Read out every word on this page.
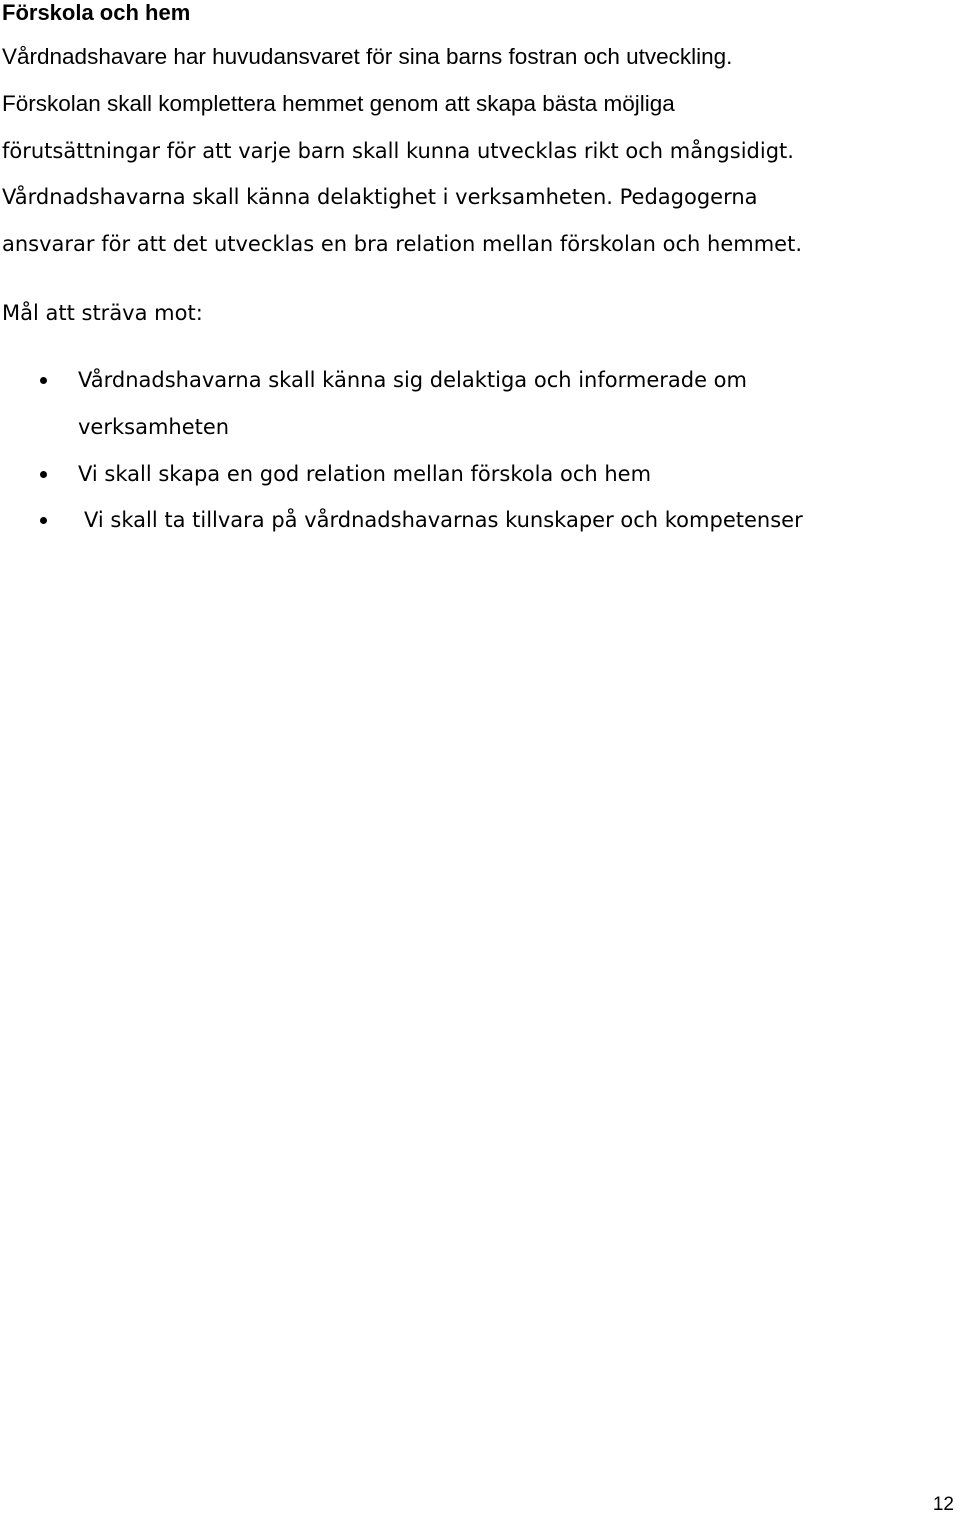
Förskola och hem
Vårdnadshavare har huvudansvaret för sina barns fostran och utveckling.
Förskolan skall komplettera hemmet genom att skapa bästa möjliga
förutsättningar för att varje barn skall kunna utvecklas rikt och mångsidigt.
Vårdnadshavarna skall känna delaktighet i verksamheten. Pedagogerna
ansvarar för att det utvecklas en bra relation mellan förskolan och hemmet.
Mål att sträva mot:
Vårdnadshavarna skall känna sig delaktiga och informerade om
verksamheten
Vi skall skapa en god relation mellan förskola och hem
Vi skall ta tillvara på vårdnadshavarnas kunskaper och kompetenser
12
